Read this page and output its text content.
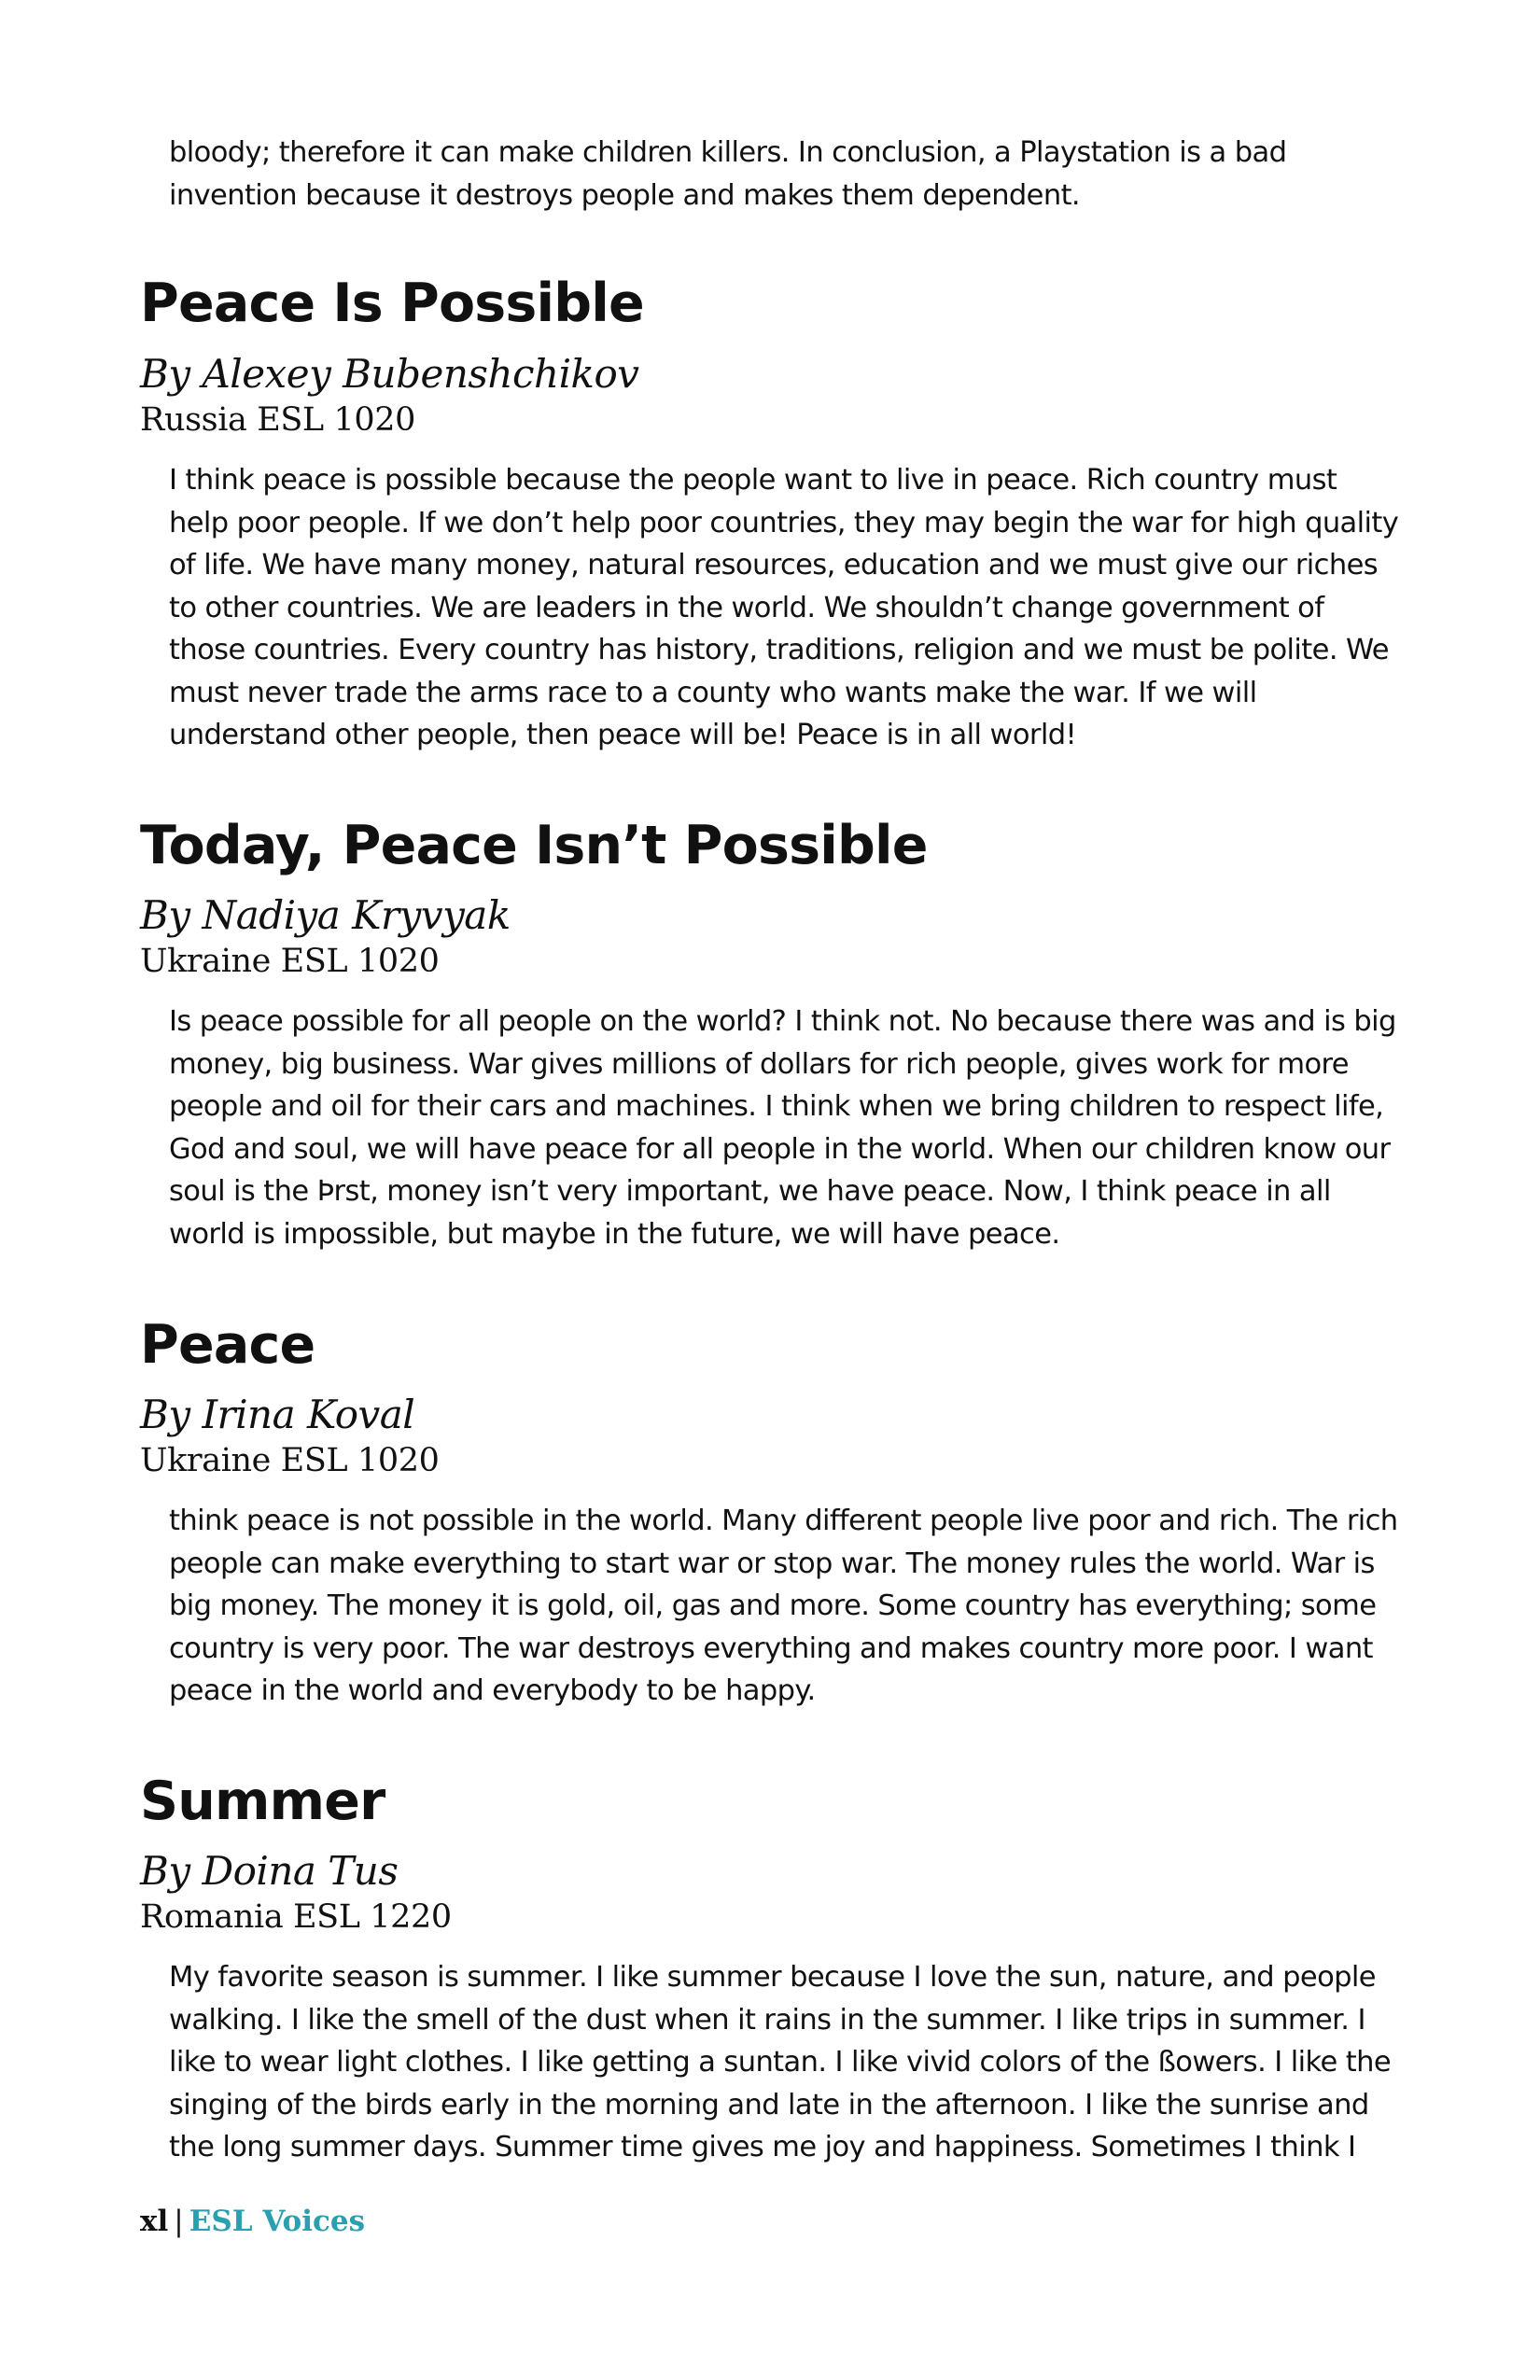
bloody; therefore it can make children killers. In conclusion, a Playstation is a bad invention because it destroys people and makes them dependent.

Peace Is Possible
By Alexey Bubenshchikov
Russia ESL 1020

I think peace is possible because the people want to live in peace. Rich country must help poor people. If we don’t help poor countries, they may begin the war for high quality of life. We have many money, natural resources, education and we must give our riches to other countries. We are leaders in the world. We shouldn’t change government of those countries. Every country has history, traditions, religion and we must be polite. We must never trade the arms race to a county who wants make the war. If we will understand other people, then peace will be! Peace is in all world!

Today, Peace Isn’t Possible
By Nadiya Kryvyak
Ukraine ESL 1020

Is peace possible for all people on the world? I think not. No because there was and is big money, big business. War gives millions of dollars for rich people, gives work for more people and oil for their cars and machines. I think when we bring children to respect life, God and soul, we will have peace for all people in the world. When our children know our soul is the Þrst, money isn’t very important, we have peace. Now, I think peace in all world is impossible, but maybe in the future, we will have peace.

Peace
By Irina Koval
Ukraine ESL 1020

think peace is not possible in the world. Many different people live poor and rich. The rich people can make everything to start war or stop war. The money rules the world. War is big money. The money it is gold, oil, gas and more. Some country has everything; some country is very poor. The war destroys everything and makes country more poor. I want peace in the world and everybody to be happy.

Summer
By Doina Tus
Romania ESL 1220

My favorite season is summer. I like summer because I love the sun, nature, and people walking. I like the smell of the dust when it rains in the summer. I like trips in summer. I like to wear light clothes. I like getting a suntan. I like vivid colors of the ßowers. I like the singing of the birds early in the morning and late in the afternoon. I like the sunrise and the long summer days. Summer time gives me joy and happiness. Sometimes I think I

xl | ESL Voices
